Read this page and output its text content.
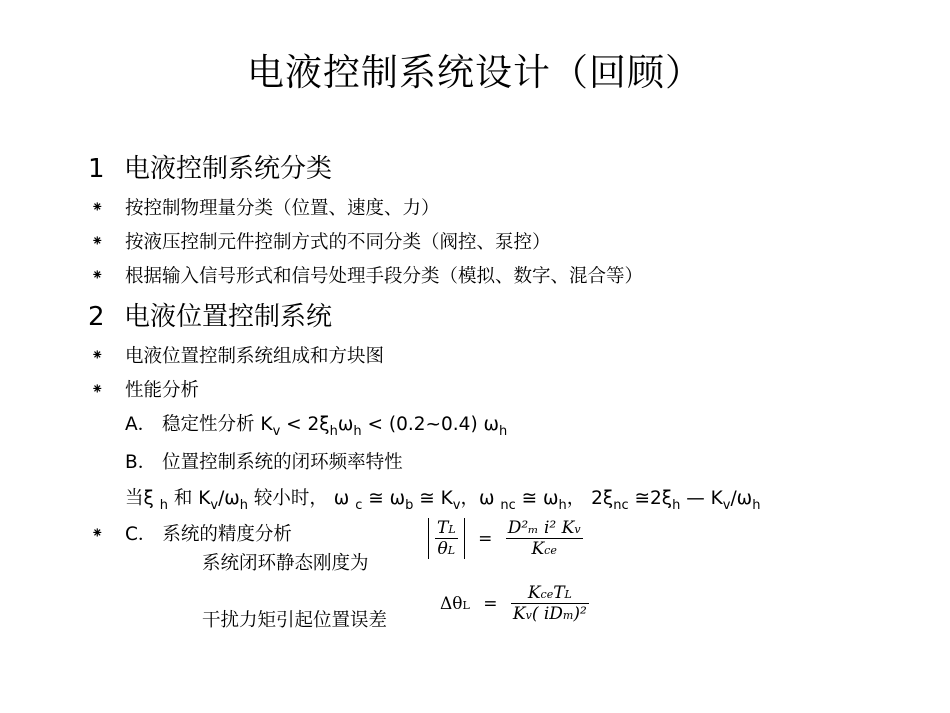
电液控制系统设计（回顾）
1 电液控制系统分类
⁕ 按控制物理量分类（位置、速度、力）
⁕ 按液压控制元件控制方式的不同分类（阀控、泵控）
⁕ 根据输入信号形式和信号处理手段分类（模拟、数字、混合等）
2 电液位置控制系统
⁕ 电液位置控制系统组成和方块图
⁕ 性能分析
A． 稳定性分析 $K_v < 2\xi_h\omega_h$ < (0.2~0.4) $\omega_h$
B． 位置控制系统的闭环频率特性
当ξ $_h$ 和 $K_v/\omega_h$ 较小时， ω $_c$ ≅ $\omega_b$ ≅ $K_v$，ω $_{nc}$ ≅ $\omega_h$， $2\xi_{nc}$ $≅2\xi_h$ — $K_v/\omega_h$
⁕ C． 系统的精度分析
系统闭环静态刚度为
$\frac{TL}{\theta L} = \frac{\text{D²ₘ i² Kv}}{\text{Kce}}$
干扰力矩引起位置误差
$\Delta\theta L = \frac{\text{KceTL}}{\text{Kv( iDm)²}}$
